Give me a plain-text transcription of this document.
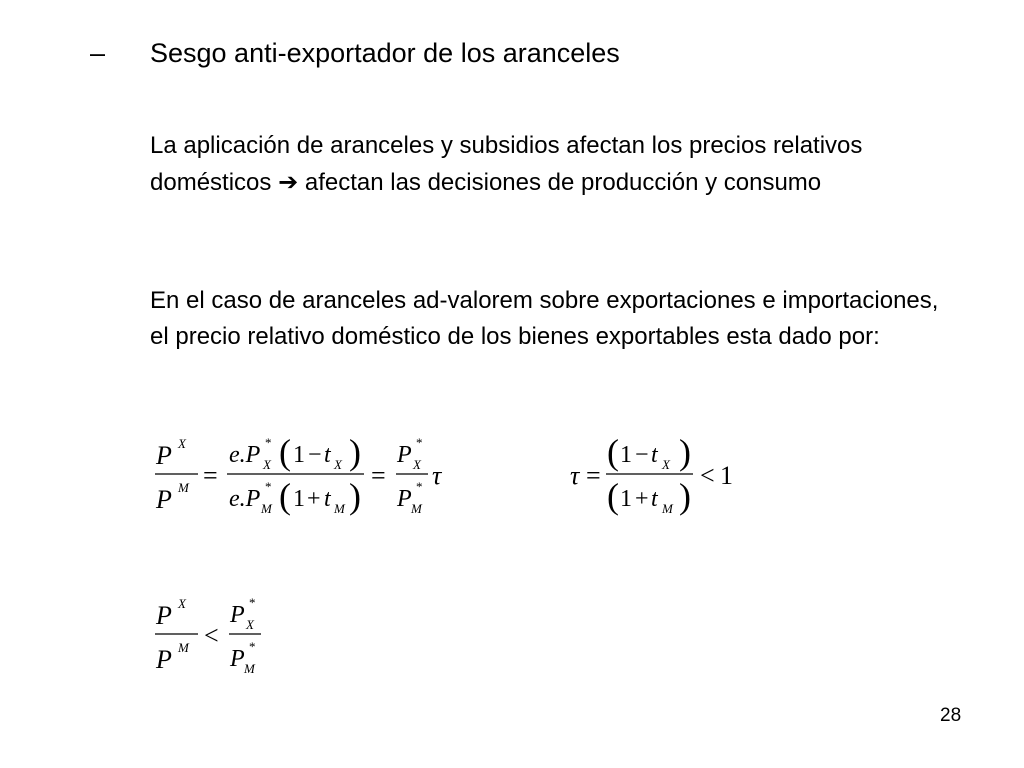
– Sesgo anti-exportador de los aranceles
La aplicación de aranceles y subsidios afectan los precios relativos domésticos ➔ afectan las decisiones de producción y consumo
En el caso de aranceles ad-valorem sobre exportaciones e importaciones, el precio relativo doméstico de los bienes exportables esta dado por:
P X
P M =
e.P *
X ( 1 − t X )
e.P *
M ( 1 + t M )
=
P *
X
P *
M
τ	τ =
( 1 − t X )
( 1 + t M )
< 1
P X
P M <
P *
X
P *
M
28
